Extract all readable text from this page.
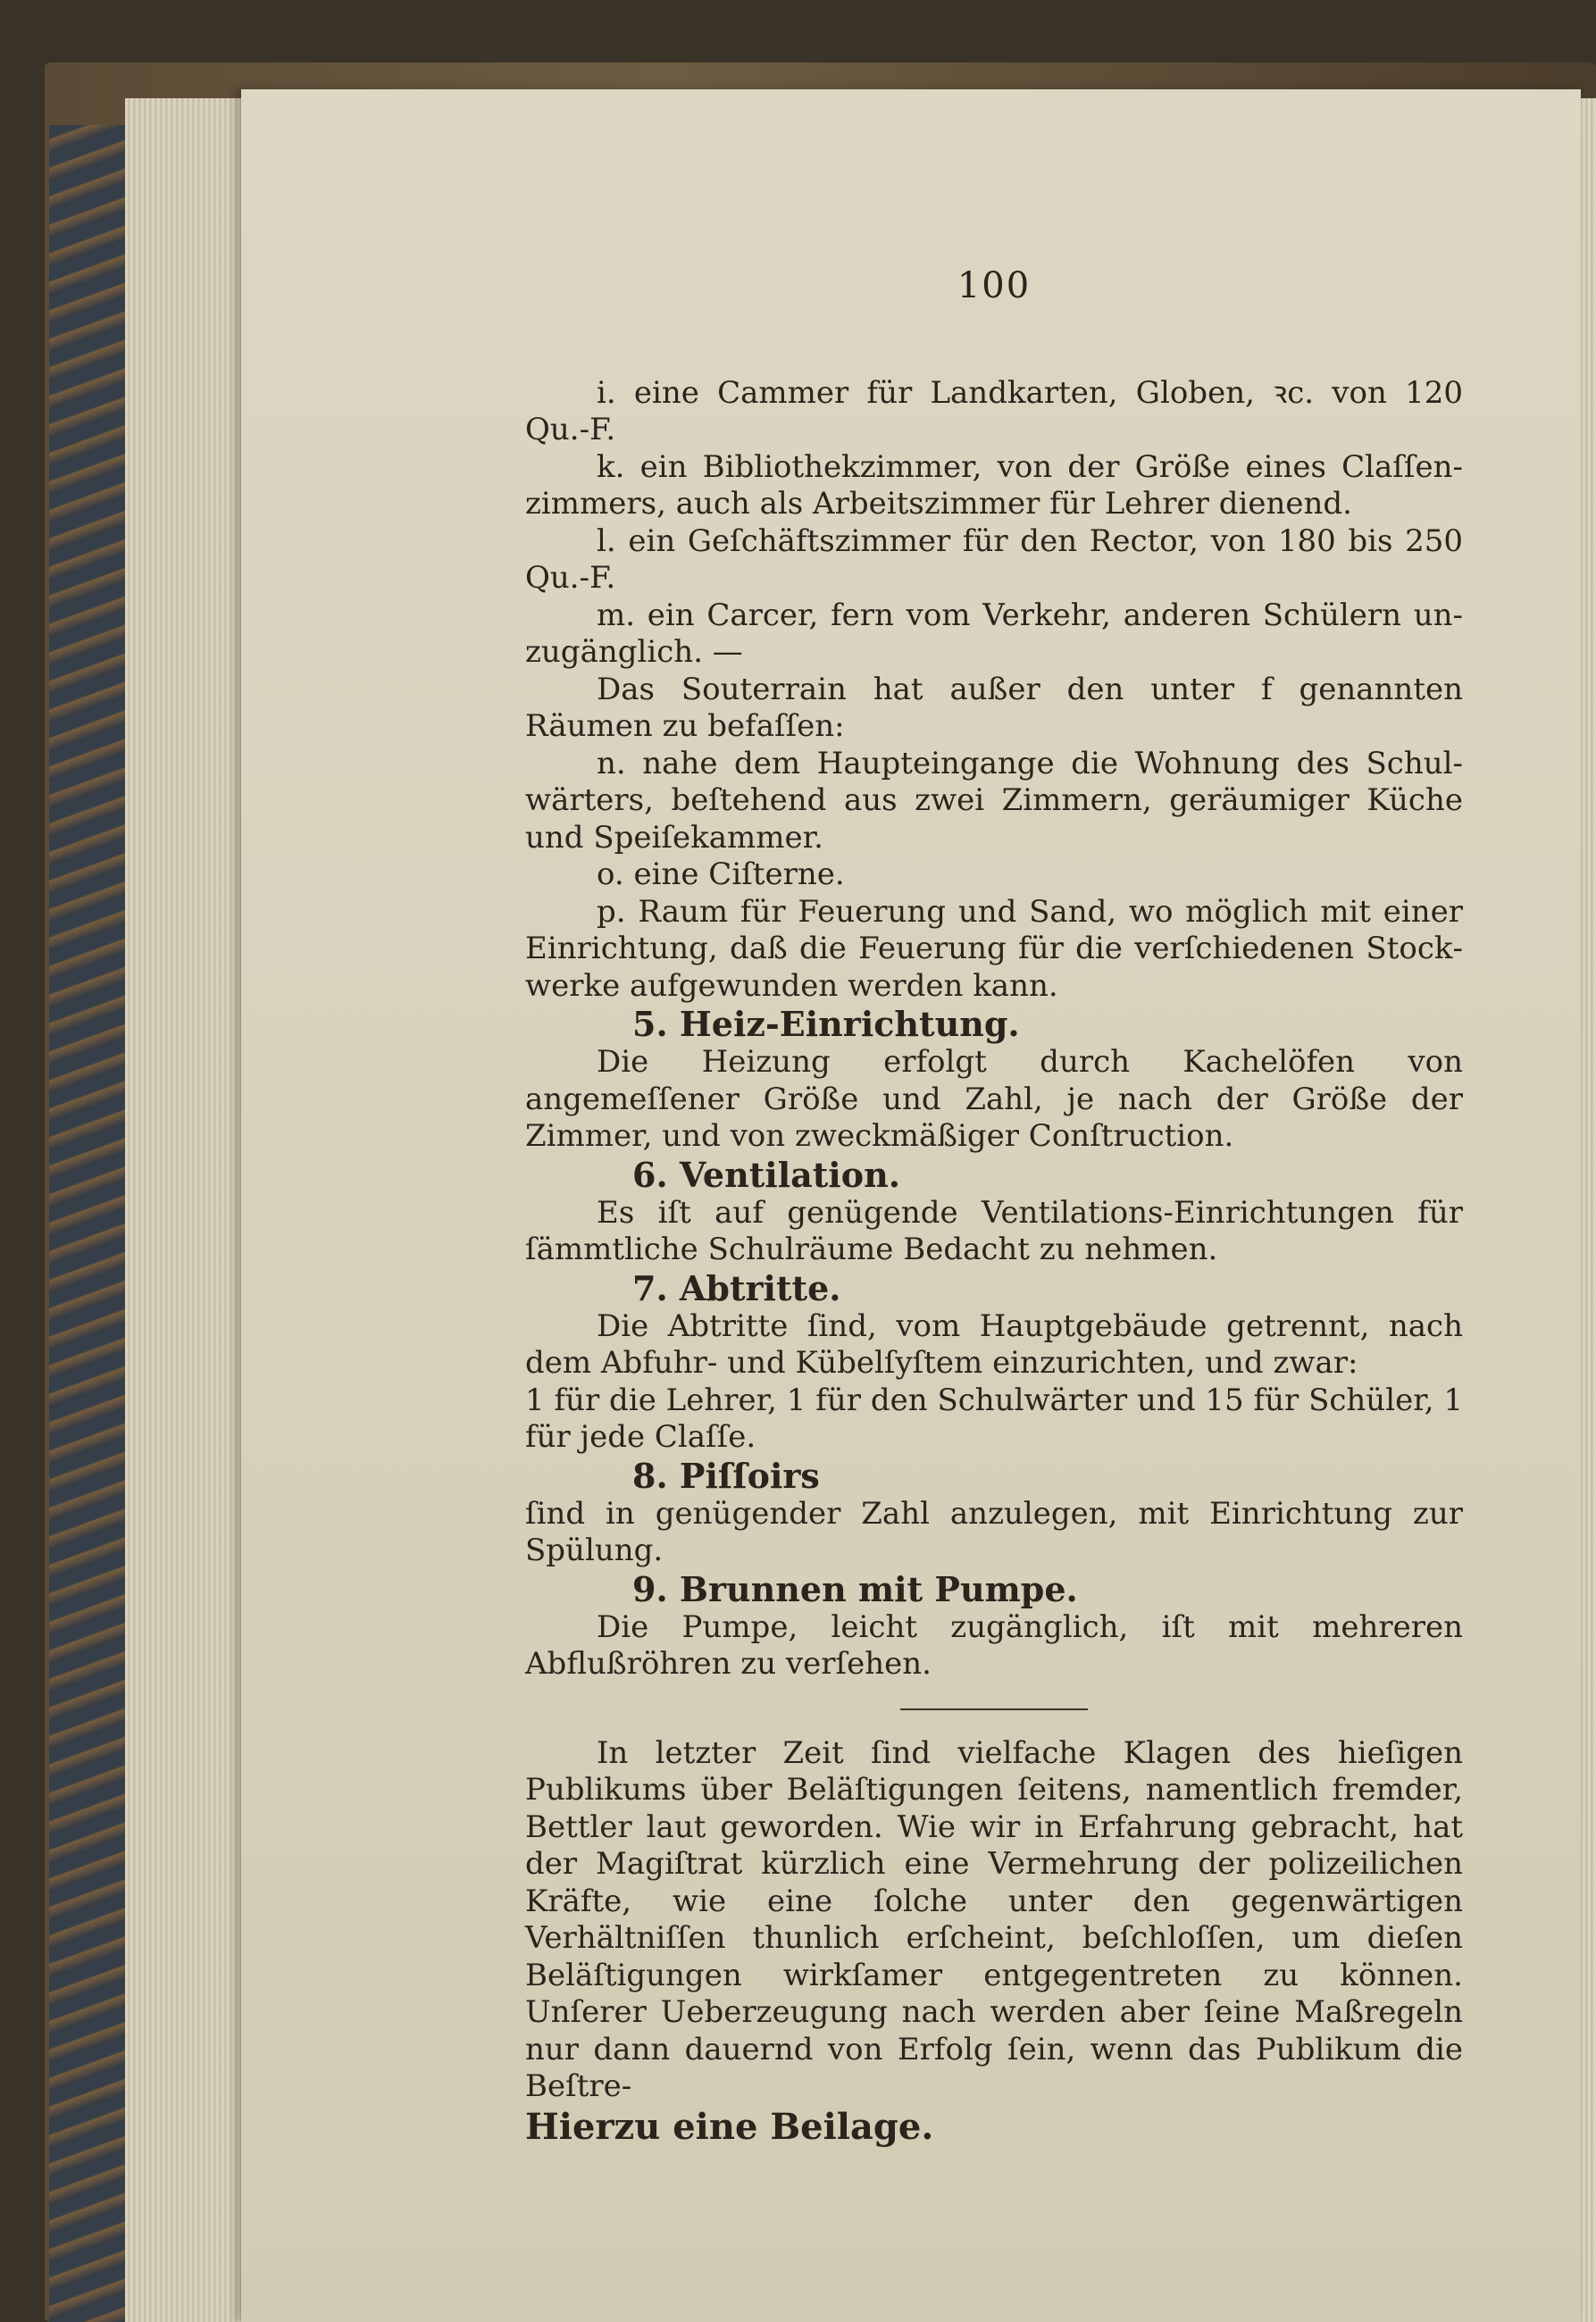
100

i. eine Cammer für Landkarten, Globen, ꝛc. von 120 Qu.-F.

k. ein Bibliothekzimmer, von der Größe eines Claſſenzimmers, auch als Arbeitszimmer für Lehrer dienend.

l. ein Geſchäftszimmer für den Rector, von 180 bis 250 Qu.-F.

m. ein Carcer, fern vom Verkehr, anderen Schülern unzugänglich. —

Das Souterrain hat außer den unter f genannten Räumen zu befaſſen:

n. nahe dem Haupteingange die Wohnung des Schulwärters, beſtehend aus zwei Zimmern, geräumiger Küche und Speiſekammer.

o. eine Ciſterne.

p. Raum für Feuerung und Sand, wo möglich mit einer Einrichtung, daß die Feuerung für die verſchiedenen Stockwerke aufgewunden werden kann.

5. Heiz-Einrichtung.

Die Heizung erfolgt durch Kachelöfen von angemeſſener Größe und Zahl, je nach der Größe der Zimmer, und von zweckmäßiger Conſtruction.

6. Ventilation.

Es iſt auf genügende Ventilations-Einrichtungen für ſämmtliche Schulräume Bedacht zu nehmen.

7. Abtritte.

Die Abtritte ſind, vom Hauptgebäude getrennt, nach dem Abfuhr- und Kübelſyſtem einzurichten, und zwar:

1 für die Lehrer, 1 für den Schulwärter und 15 für Schüler, 1 für jede Claſſe.

8. Piſſoirs

ſind in genügender Zahl anzulegen, mit Einrichtung zur Spülung.

9. Brunnen mit Pumpe.

Die Pumpe, leicht zugänglich, iſt mit mehreren Abflußröhren zu verſehen.

In letzter Zeit ſind vielfache Klagen des hieſigen Publikums über Beläſtigungen ſeitens, namentlich fremder, Bettler laut geworden. Wie wir in Erfahrung gebracht, hat der Magiſtrat kürzlich eine Vermehrung der polizeilichen Kräfte, wie eine ſolche unter den gegenwärtigen Verhältniſſen thunlich erſcheint, beſchloſſen, um dieſen Beläſtigungen wirkſamer entgegentreten zu können. Unſerer Ueberzeugung nach werden aber ſeine Maßregeln nur dann dauernd von Erfolg ſein, wenn das Publikum die Beſtre-

Hierzu eine Beilage.
